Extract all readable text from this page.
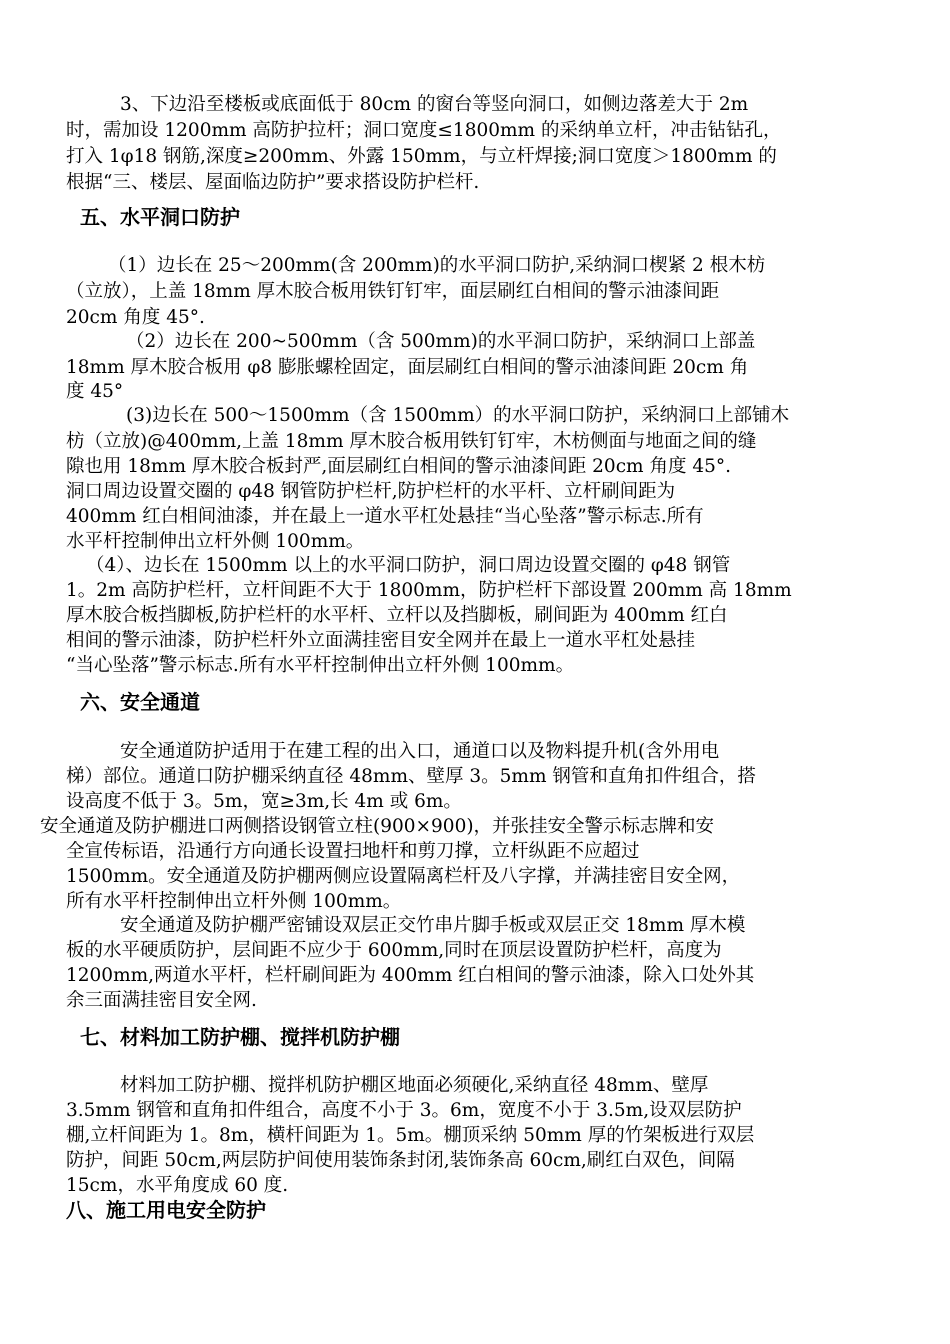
3、下边沿至楼板或底面低于 80cm 的窗台等竖向洞口，如侧边落差大于 2m
时，需加设 1200mm 高防护拉杆；洞口宽度≤1800mm 的采纳单立杆，冲击钻钻孔，
打入 1φ18 钢筋,深度≥200mm、外露 150mm，与立杆焊接;洞口宽度＞1800mm 的
根据“三、楼层、屋面临边防护”要求搭设防护栏杆.
五、水平洞口防护
（1）边长在 25～200mm(含 200mm)的水平洞口防护,采纳洞口楔紧 2 根木枋
（立放），上盖 18mm 厚木胶合板用铁钉钉牢，面层刷红白相间的警示油漆间距
20cm 角度 45°.
（2）边长在 200~500mm（含 500mm)的水平洞口防护，采纳洞口上部盖
18mm 厚木胶合板用 φ8 膨胀螺栓固定，面层刷红白相间的警示油漆间距 20cm 角
度 45°
(3)边长在 500～1500mm（含 1500mm）的水平洞口防护，采纳洞口上部铺木
枋（立放)@400mm,上盖 18mm 厚木胶合板用铁钉钉牢，木枋侧面与地面之间的缝
隙也用 18mm 厚木胶合板封严,面层刷红白相间的警示油漆间距 20cm 角度 45°.
洞口周边设置交圈的 φ48 钢管防护栏杆,防护栏杆的水平杆、立杆刷间距为
400mm 红白相间油漆，并在最上一道水平杠处悬挂“当心坠落”警示标志.所有
水平杆控制伸出立杆外侧 100mm。
（4）、边长在 1500mm 以上的水平洞口防护，洞口周边设置交圈的 φ48 钢管
1。2m 高防护栏杆，立杆间距不大于 1800mm，防护栏杆下部设置 200mm 高 18mm
厚木胶合板挡脚板,防护栏杆的水平杆、立杆以及挡脚板，刷间距为 400mm 红白
相间的警示油漆，防护栏杆外立面满挂密目安全网并在最上一道水平杠处悬挂
“当心坠落”警示标志.所有水平杆控制伸出立杆外侧 100mm。
六、安全通道
安全通道防护适用于在建工程的出入口，通道口以及物料提升机(含外用电
梯）部位。通道口防护棚采纳直径 48mm、壁厚 3。5mm 钢管和直角扣件组合，搭
设高度不低于 3。5m，宽≥3m,长 4m 或 6m。
安全通道及防护棚进口两侧搭设钢管立柱(900×900)，并张挂安全警示标志牌和安
全宣传标语，沿通行方向通长设置扫地杆和剪刀撑，立杆纵距不应超过
1500mm。安全通道及防护棚两侧应设置隔离栏杆及八字撑，并满挂密目安全网，
所有水平杆控制伸出立杆外侧 100mm。
安全通道及防护棚严密铺设双层正交竹串片脚手板或双层正交 18mm 厚木模
板的水平硬质防护，层间距不应少于 600mm,同时在顶层设置防护栏杆，高度为
1200mm,两道水平杆，栏杆刷间距为 400mm 红白相间的警示油漆，除入口处外其
余三面满挂密目安全网.
七、材料加工防护棚、搅拌机防护棚
材料加工防护棚、搅拌机防护棚区地面必须硬化,采纳直径 48mm、壁厚
3.5mm 钢管和直角扣件组合，高度不小于 3。6m，宽度不小于 3.5m,设双层防护
棚,立杆间距为 1。8m，横杆间距为 1。5m。棚顶采纳 50mm 厚的竹架板进行双层
防护，间距 50cm,两层防护间使用装饰条封闭,装饰条高 60cm,刷红白双色，间隔
15cm，水平角度成 60 度.
八、施工用电安全防护
